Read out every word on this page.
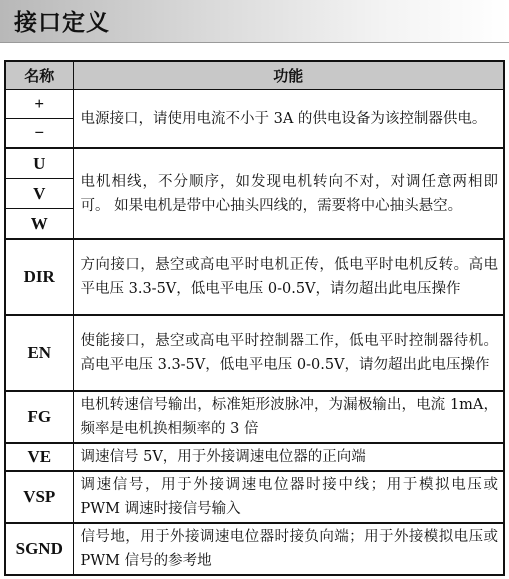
接口定义
名称	功能
+	电源接口，请使用电流不小于 3A 的供电设备为该控制器供电。
−	
U	电机相线，不分顺序，如发现电机转向不对，对调任意两相即可。 如果电机是带中心抽头四线的，需要将中心抽头悬空。
V	
W	
DIR	方向接口，悬空或高电平时电机正传，低电平时电机反转。高电平电压 3.3-5V，低电平电压 0-0.5V，请勿超出此电压操作
EN	使能接口，悬空或高电平时控制器工作，低电平时控制器待机。高电平电压 3.3-5V，低电平电压 0-0.5V，请勿超出此电压操作
FG	电机转速信号输出，标准矩形波脉冲，为漏极输出，电流 1mA，频率是电机换相频率的 3 倍
VE	调速信号 5V，用于外接调速电位器的正向端
VSP	调速信号，用于外接调速电位器时接中线；用于模拟电压或 PWM 调速时接信号输入
SGND	信号地，用于外接调速电位器时接负向端；用于外接模拟电压或 PWM 信号的参考地
